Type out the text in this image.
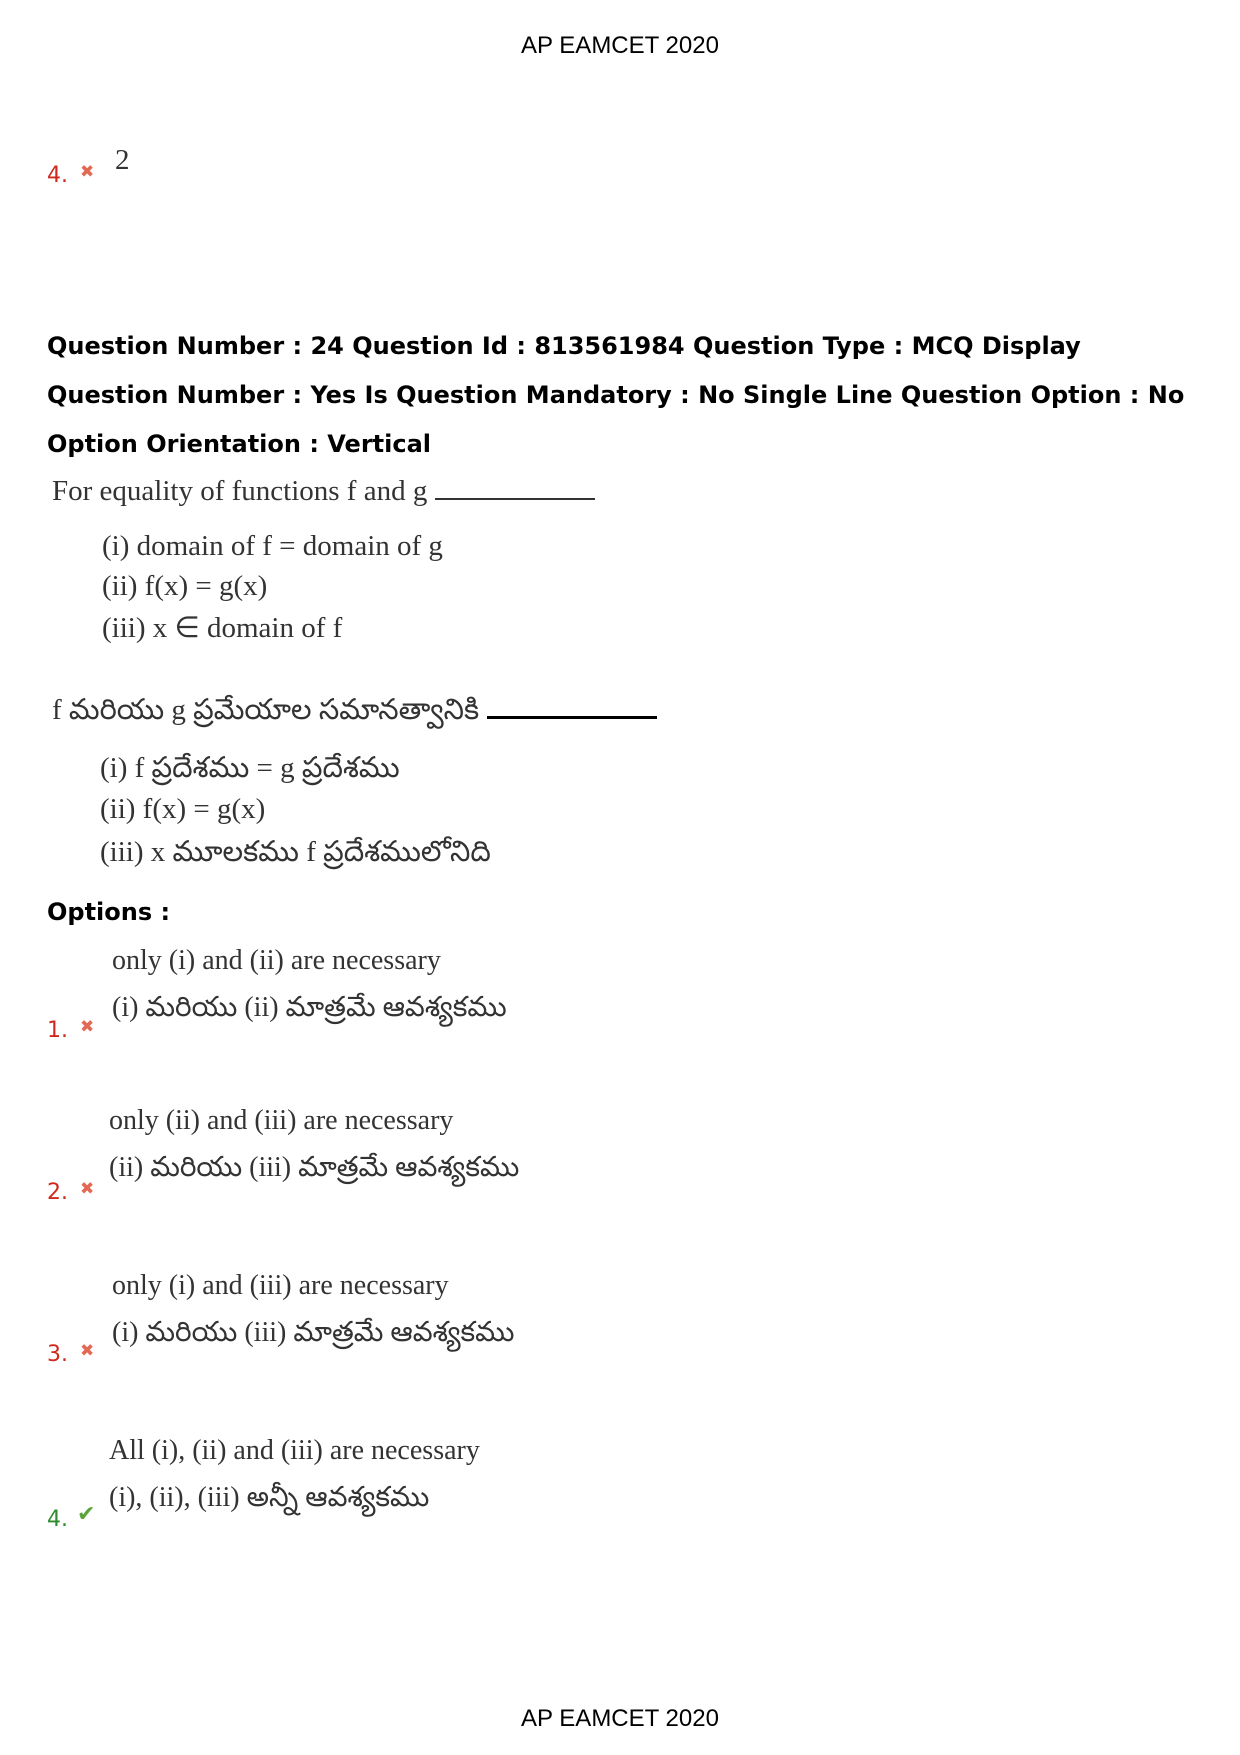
AP EAMCET 2020
4. ✖ 2
Question Number : 24 Question Id : 813561984 Question Type : MCQ Display Question Number : Yes Is Question Mandatory : No Single Line Question Option : No Option Orientation : Vertical
For equality of functions f and g
(i) domain of f = domain of g
(ii) f(x) = g(x)
(iii) x ∈ domain of f
f మరియు g ప్రమేయాల సమానత్వానికి
(i) f ప్రదేశము = g ప్రదేశము
(ii) f(x) = g(x)
(iii) x మూలకము f ప్రదేశములోనిది
Options :
only (i) and (ii) are necessary
(i) మరియు (ii) మాత్రమే ఆవశ్యకము
1. ✖
only (ii) and (iii) are necessary
(ii) మరియు (iii) మాత్రమే ఆవశ్యకము
2. ✖
only (i) and (iii) are necessary
(i) మరియు (iii) మాత్రమే ఆవశ్యకము
3. ✖
All (i), (ii) and (iii) are necessary
(i), (ii), (iii) అన్నీ ఆవశ్యకము
4. ✔
AP EAMCET 2020
